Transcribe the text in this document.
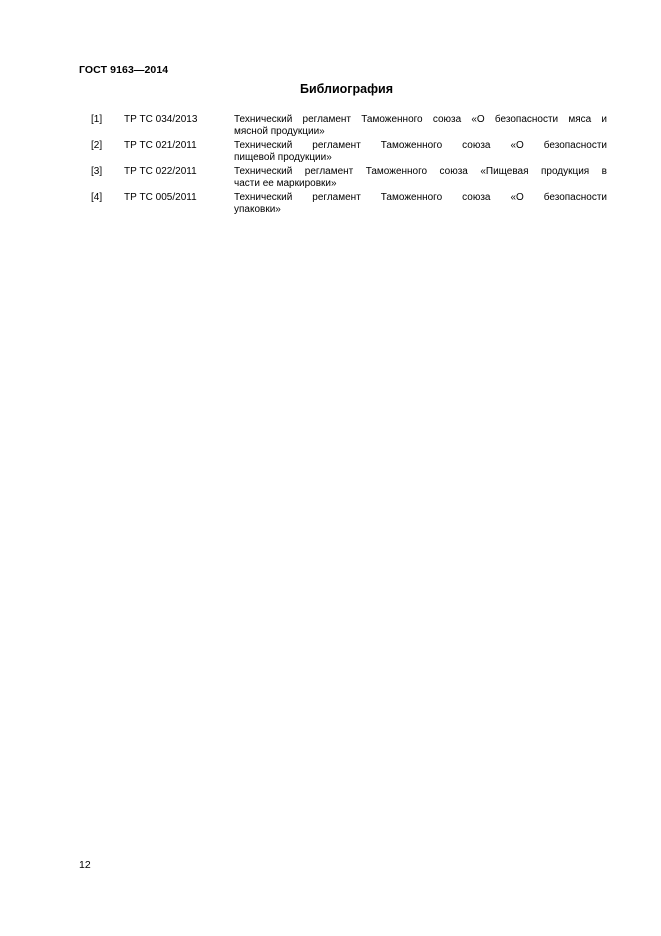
ГОСТ 9163—2014
Библиография
[1] ТР ТС 034/2013	Технический регламент Таможенного союза «О безопасности мяса и
мясной продукции»
[2] ТР ТС 021/2011	Технический регламент Таможенного союза «О безопасности
пищевой продукции»
[3] ТР ТС 022/2011	Технический регламент Таможенного союза «Пищевая продукция в
части ее маркировки»
[4] ТР ТС 005/2011	Технический регламент Таможенного союза «О безопасности
упаковки»
12
